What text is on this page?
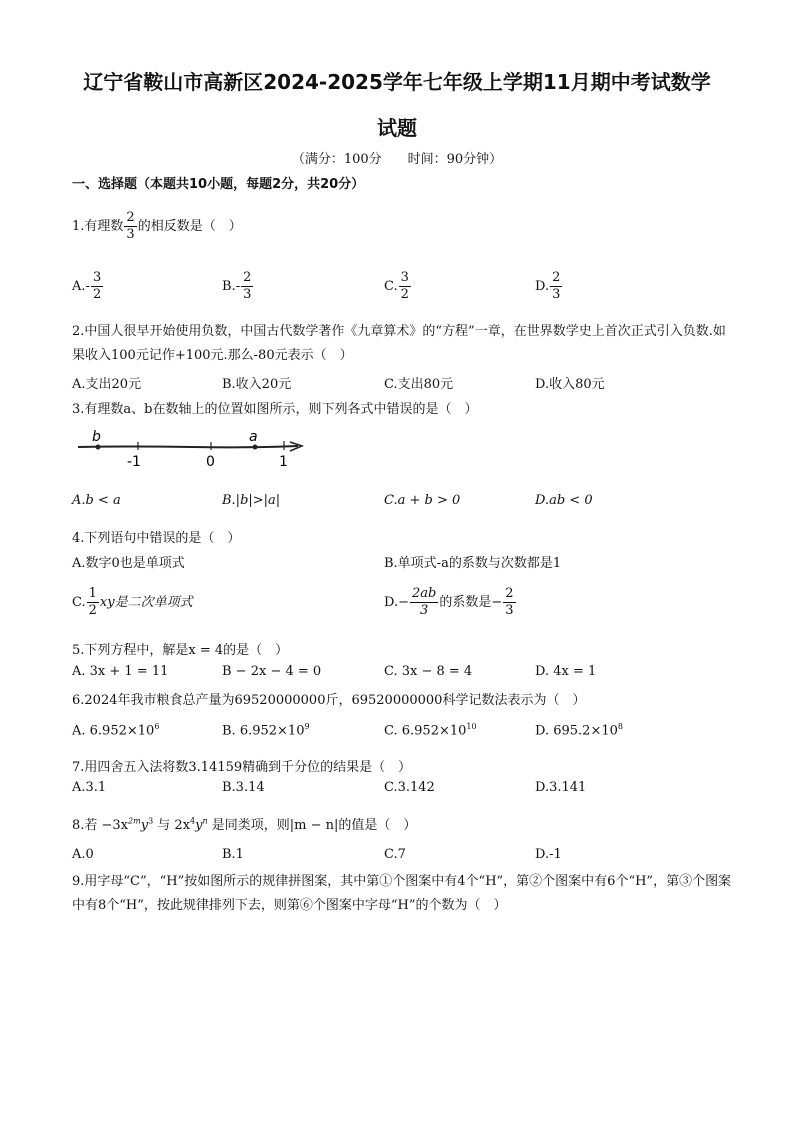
辽宁省鞍山市高新区2024-2025学年七年级上学期11月期中考试数学
试题
（满分：100分　　时间：90分钟）
一、选择题（本题共10小题，每题2分，共20分）
1.有理数 $\frac{2}{3}$ 的相反数是（　）
$A.- \frac{3}{2}$	$B.- \frac{2}{3}$	C. $\frac{3}{2}$	D. $\frac{2}{3}$
2.中国人很早开始使用负数，中国古代数学著作《九章算术》的“方程”一章，在世界数学史上首次正式引入负数.如果收入100元记作+100元.那么-80元表示（　）
A.支出20元	B.收入20元	C.支出80元	D.收入80元
3.有理数a、b在数轴上的位置如图所示，则下列各式中错误的是（　）
b	a
-1	0	1
A.b < a	B.|b|>|a|	C.a + b > 0	D.ab < 0
4.下列语句中错误的是（　）
A.数字0也是单项式	B.单项式-a的系数与次数都是1
C. $\frac{1}{2}$ xy是二次单项式	$D.- \frac{2ab}{3}$ 的系数是− $\frac{2}{3}$
5.下列方程中，解是x = 4的是（　）
A. 3x + 1 = 11	B − 2x − 4 = 0	C. 3x − 8 = 4	D. 4x = 1
6.2024年我市粮食总产量为69520000000斤，69520000000科学记数法表示为（　）
A. $6.952\times 10^6$	B. $6.952\times 10^9$	C. $6.952\times 10^{10}$	D. $695.2\times 10^8$
7.用四舍五入法将数3.14159精确到千分位的结果是（　）
A.3.1	B.3.14	C.3.142	D.3.141
8.若 $-3x^{2m}y^3$ 与 $2x^4y^n$ 是同类项，则|m − n|的值是（　）
A.0	B.1	C.7	D.-1
9.用字母“C”，“H”按如图所示的规律拼图案，其中第①个图案中有4个“H”，第②个图案中有6个“H”，第③个图案中有8个“H”，按此规律排列下去，则第⑥个图案中字母“H”的个数为（　）
